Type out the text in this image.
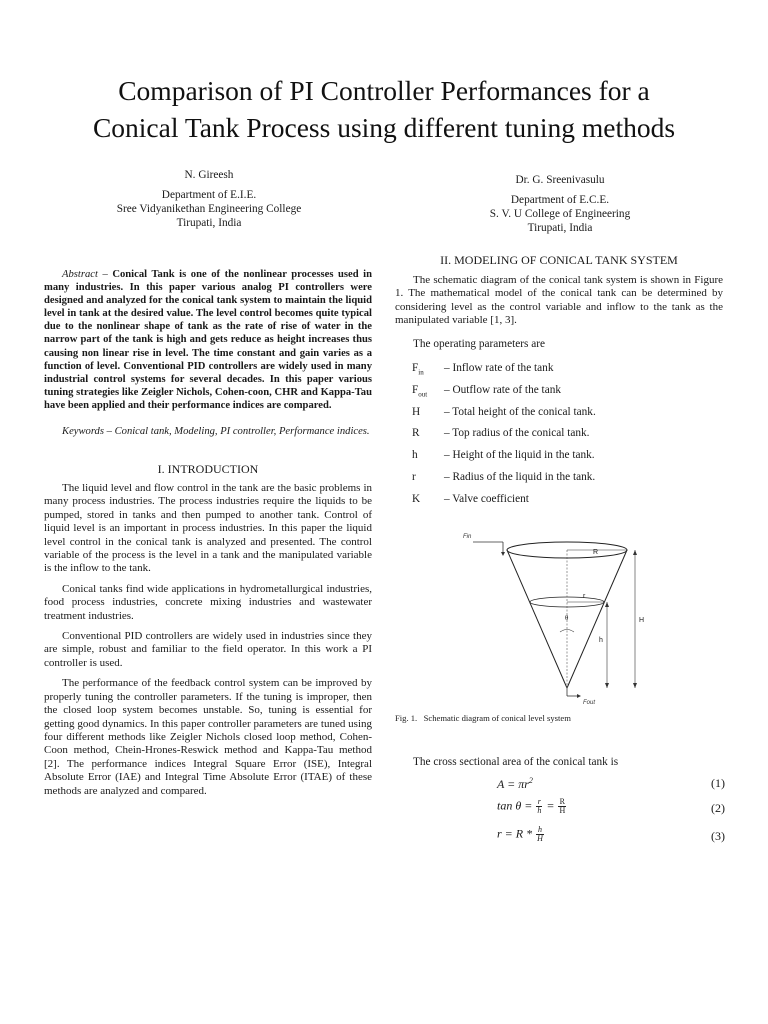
Comparison of PI Controller Performances for a
Conical Tank Process using different tuning methods
N. Gireesh
Department of E.I.E.
Sree Vidyanikethan Engineering College
Tirupati, India
Dr. G. Sreenivasulu
Department of E.C.E.
S. V. U College of Engineering
Tirupati, India
Abstract – Conical Tank is one of the nonlinear processes used in many industries. In this paper various analog PI controllers were designed and analyzed for the conical tank system to maintain the liquid level in tank at the desired value. The level control becomes quite typical due to the nonlinear shape of tank as the rate of rise of water in the narrow part of the tank is high and gets reduce as height increases thus causing non linear rise in level. The time constant and gain varies as a function of level. Conventional PID controllers are widely used in many industrial control systems for several decades. In this paper various tuning strategies like Zeigler Nichols, Cohen-coon, CHR and Kappa-Tau have been applied and their performance indices are compared.
Keywords – Conical tank, Modeling, PI controller, Performance indices.
I. INTRODUCTION

The liquid level and flow control in the tank are the basic problems in many process industries. The process industries require the liquids to be pumped, stored in tanks and then pumped to another tank. Control of liquid level is an important in process industries. In this paper the liquid level control in the conical tank is analyzed and presented. The control variable of the process is the level in a tank and the manipulated variable is the inflow to the tank.

Conical tanks find wide applications in hydrometallurgical industries, food process industries, concrete mixing industries and wastewater treatment industries.

Conventional PID controllers are widely used in industries since they are simple, robust and familiar to the field operator. In this work a PI controller is used.

The performance of the feedback control system can be improved by properly tuning the controller parameters. If the tuning is improper, then the closed loop system becomes unstable. So, tuning is essential for getting good dynamics. In this paper controller parameters are tuned using four different methods like Zeigler Nichols closed loop method, Cohen-Coon method, Chein-Hrones-Reswick method and Kappa-Tau method [2]. The performance indices Integral Square Error (ISE), Integral Absolute Error (IAE) and Integral Time Absolute Error (ITAE) of these methods are analyzed and compared.

II. MODELING OF CONICAL TANK SYSTEM

The schematic diagram of the conical tank system is shown in Figure 1. The mathematical model of the conical tank can be determined by considering level as the control variable and inflow to the tank as the manipulated variable [1, 3].

The operating parameters are
$F_{in}$ – Inflow rate of the tank
$F_{out}$ – Outflow rate of the tank
H – Total height of the conical tank.
R – Top radius of the conical tank.
h – Height of the liquid in the tank.
r – Radius of the liquid in the tank.
K – Valve coefficient
Fin
R
r
θ	H
h
Fout
Fig. 1.   Schematic diagram of conical level system
The cross sectional area of the conical tank is
$A = \pi r^2$	(1)
$\tan \theta = \frac{r}{h} = \frac{R}{H}$	(2)
$r = R * \frac{h}{H}$	(3)
